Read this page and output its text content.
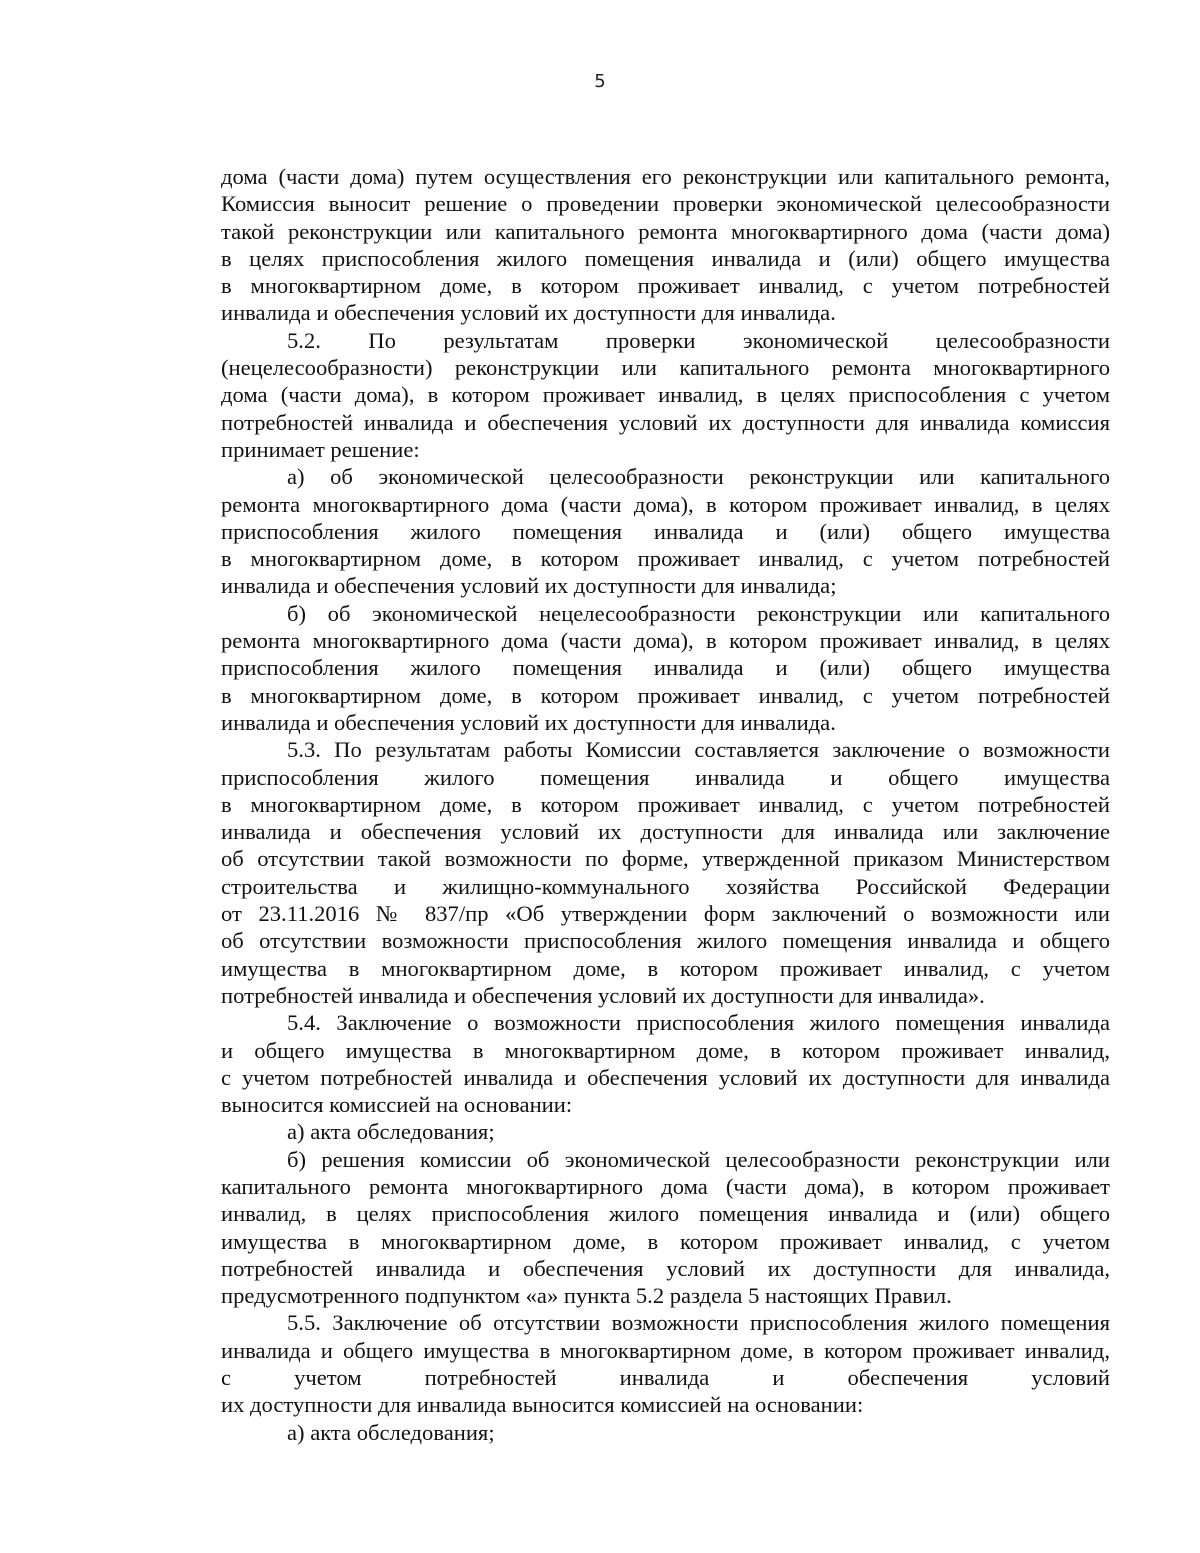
5

дома (части дома) путем осуществления его реконструкции или капитального ремонта,
Комиссия выносит решение о проведении проверки экономической целесообразности
такой реконструкции или капитального ремонта многоквартирного дома (части дома)
в целях приспособления жилого помещения инвалида и (или) общего имущества
в многоквартирном доме, в котором проживает инвалид, с учетом потребностей
инвалида и обеспечения условий их доступности для инвалида.

5.2. По результатам проверки экономической целесообразности
(нецелесообразности) реконструкции или капитального ремонта многоквартирного
дома (части дома), в котором проживает инвалид, в целях приспособления с учетом
потребностей инвалида и обеспечения условий их доступности для инвалида комиссия
принимает решение:

а) об экономической целесообразности реконструкции или капитального
ремонта многоквартирного дома (части дома), в котором проживает инвалид, в целях
приспособления жилого помещения инвалида и (или) общего имущества
в многоквартирном доме, в котором проживает инвалид, с учетом потребностей
инвалида и обеспечения условий их доступности для инвалида;

б) об экономической нецелесообразности реконструкции или капитального
ремонта многоквартирного дома (части дома), в котором проживает инвалид, в целях
приспособления жилого помещения инвалида и (или) общего имущества
в многоквартирном доме, в котором проживает инвалид, с учетом потребностей
инвалида и обеспечения условий их доступности для инвалида.

5.3. По результатам работы Комиссии составляется заключение о возможности
приспособления жилого помещения инвалида и общего имущества
в многоквартирном доме, в котором проживает инвалид, с учетом потребностей
инвалида и обеспечения условий их доступности для инвалида или заключение
об отсутствии такой возможности по форме, утвержденной приказом Министерством
строительства и жилищно-коммунального хозяйства Российской Федерации
от 23.11.2016 № 837/пр «Об утверждении форм заключений о возможности или
об отсутствии возможности приспособления жилого помещения инвалида и общего
имущества в многоквартирном доме, в котором проживает инвалид, с учетом
потребностей инвалида и обеспечения условий их доступности для инвалида».

5.4. Заключение о возможности приспособления жилого помещения инвалида
и общего имущества в многоквартирном доме, в котором проживает инвалид,
с учетом потребностей инвалида и обеспечения условий их доступности для инвалида
выносится комиссией на основании:

а) акта обследования;

б) решения комиссии об экономической целесообразности реконструкции или
капитального ремонта многоквартирного дома (части дома), в котором проживает
инвалид, в целях приспособления жилого помещения инвалида и (или) общего
имущества в многоквартирном доме, в котором проживает инвалид, с учетом
потребностей инвалида и обеспечения условий их доступности для инвалида,
предусмотренного подпунктом «а» пункта 5.2 раздела 5 настоящих Правил.

5.5. Заключение об отсутствии возможности приспособления жилого помещения
инвалида и общего имущества в многоквартирном доме, в котором проживает инвалид,
с учетом потребностей инвалида и обеспечения условий
их доступности для инвалида выносится комиссией на основании:

а) акта обследования;
